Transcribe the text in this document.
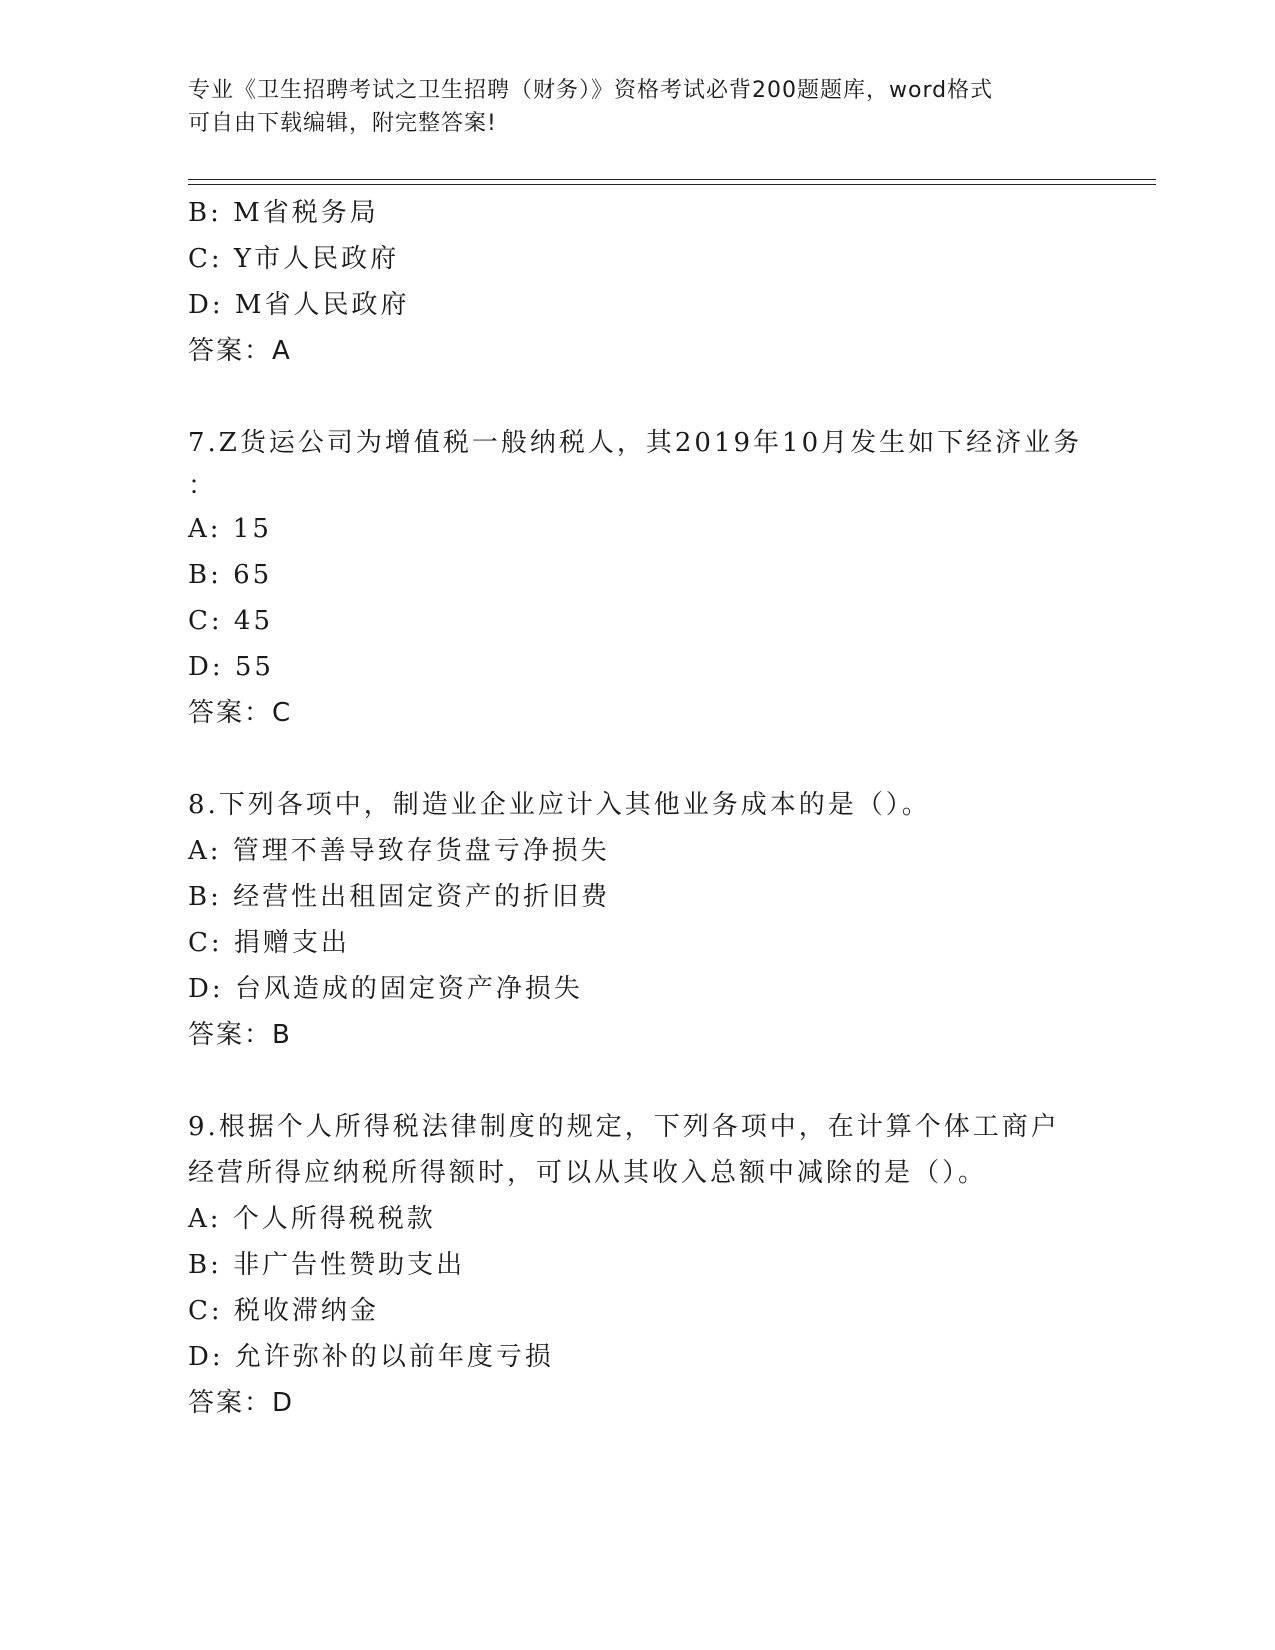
专业《卫生招聘考试之卫生招聘（财务）》资格考试必背200题题库，word格式
可自由下载编辑，附完整答案!
B: M省税务局
C: Y市人民政府
D: M省人民政府
答案：A
7.Z货运公司为增值税一般纳税人，其2019年10月发生如下经济业务
：
A: 15
B: 65
C: 45
D: 55
答案：C
8.下列各项中，制造业企业应计入其他业务成本的是（）。
A: 管理不善导致存货盘亏净损失
B: 经营性出租固定资产的折旧费
C: 捐赠支出
D: 台风造成的固定资产净损失
答案：B
9.根据个人所得税法律制度的规定，下列各项中，在计算个体工商户
经营所得应纳税所得额时，可以从其收入总额中减除的是（）。
A: 个人所得税税款
B: 非广告性赞助支出
C: 税收滞纳金
D: 允许弥补的以前年度亏损
答案：D
